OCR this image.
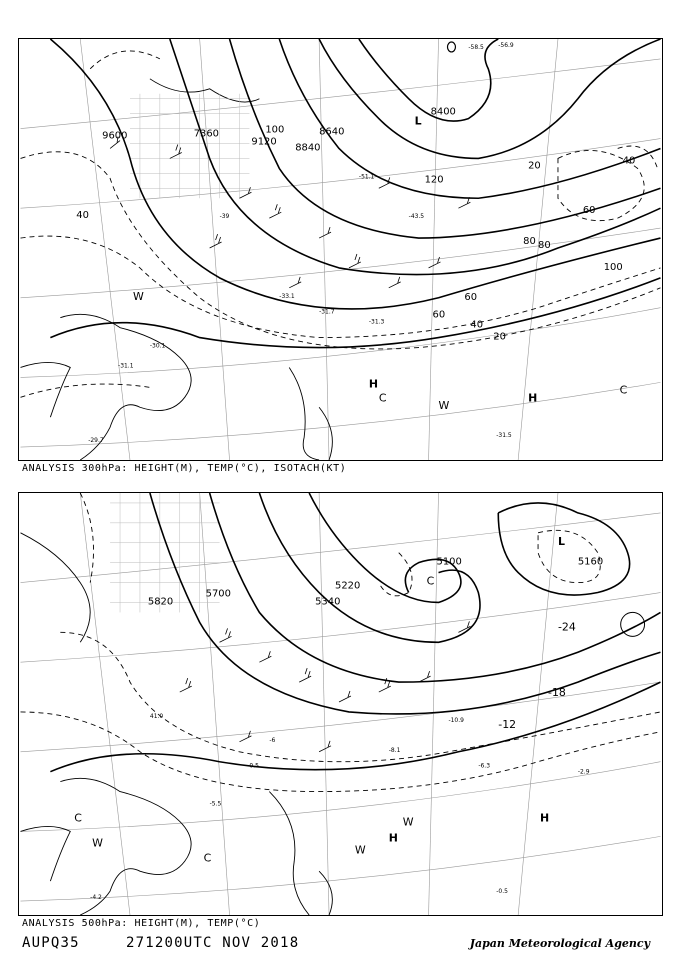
9600
9120
8840
8640
8400
7360	100
120
80
60
40
20	40
60
80
100
60
40
20
-31.5
-31.1
-29.7
-30.1
-39	-43.5
-51.1
-58.5 -56.9
-33.1
-31.7
-31.3
L
H
H
C
C
W
W
ANALYSIS 300hPa: HEIGHT(M), TEMP(°C), ISOTACH(KT)
5100
5220
5340
5700
5820
5160
-24
-18
-12
-6
0.5
41.0
-8.1
-10.9
-2.9
-0.5
-6.3
-4.2
-5.5
L
C
H
H
C
C
W
W
W
ANALYSIS 500hPa: HEIGHT(M), TEMP(°C)
AUPQ35	271200UTC NOV 2018	Japan Meteorological Agency
